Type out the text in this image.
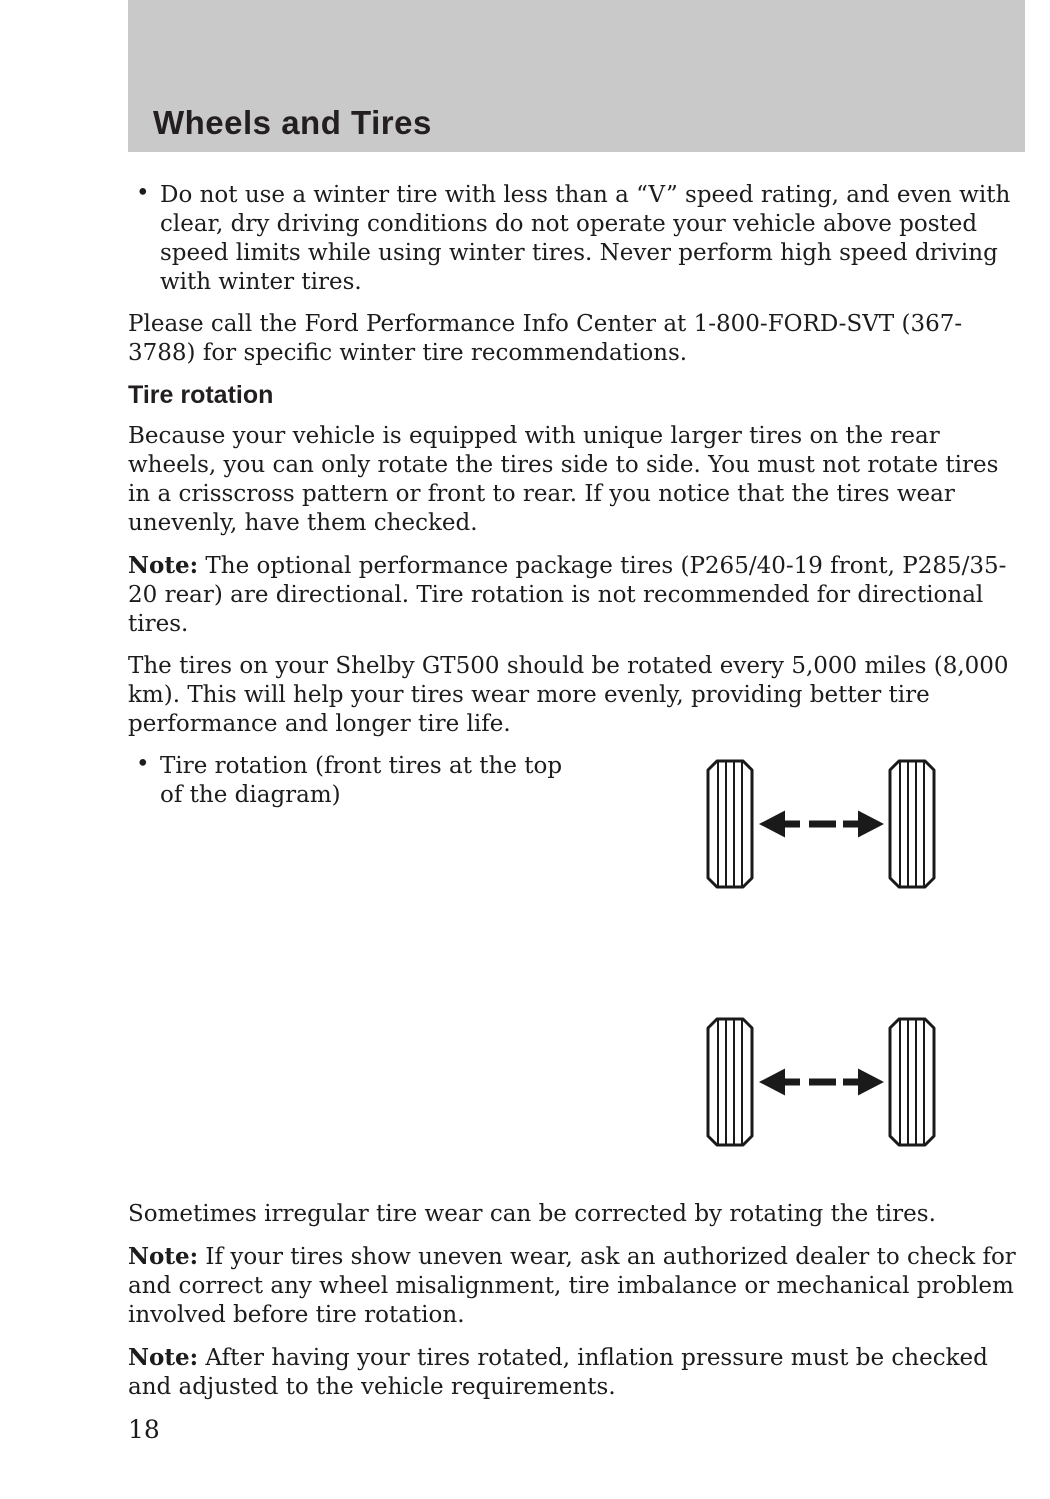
Wheels and Tires
• Do not use a winter tire with less than a “V” speed rating, and even with clear, dry driving conditions do not operate your vehicle above posted speed limits while using winter tires. Never perform high speed driving with winter tires.

Please call the Ford Performance Info Center at 1-800-FORD-SVT (367-3788) for specific winter tire recommendations.

Tire rotation

Because your vehicle is equipped with unique larger tires on the rear wheels, you can only rotate the tires side to side. You must not rotate tires in a crisscross pattern or front to rear. If you notice that the tires wear unevenly, have them checked.

Note: The optional performance package tires (P265/40-19 front, P285/35-20 rear) are directional. Tire rotation is not recommended for directional tires.

The tires on your Shelby GT500 should be rotated every 5,000 miles (8,000 km). This will help your tires wear more evenly, providing better tire performance and longer tire life.

• Tire rotation (front tires at the top of the diagram)

Sometimes irregular tire wear can be corrected by rotating the tires.

Note: If your tires show uneven wear, ask an authorized dealer to check for and correct any wheel misalignment, tire imbalance or mechanical problem involved before tire rotation.

Note: After having your tires rotated, inflation pressure must be checked and adjusted to the vehicle requirements.

18
